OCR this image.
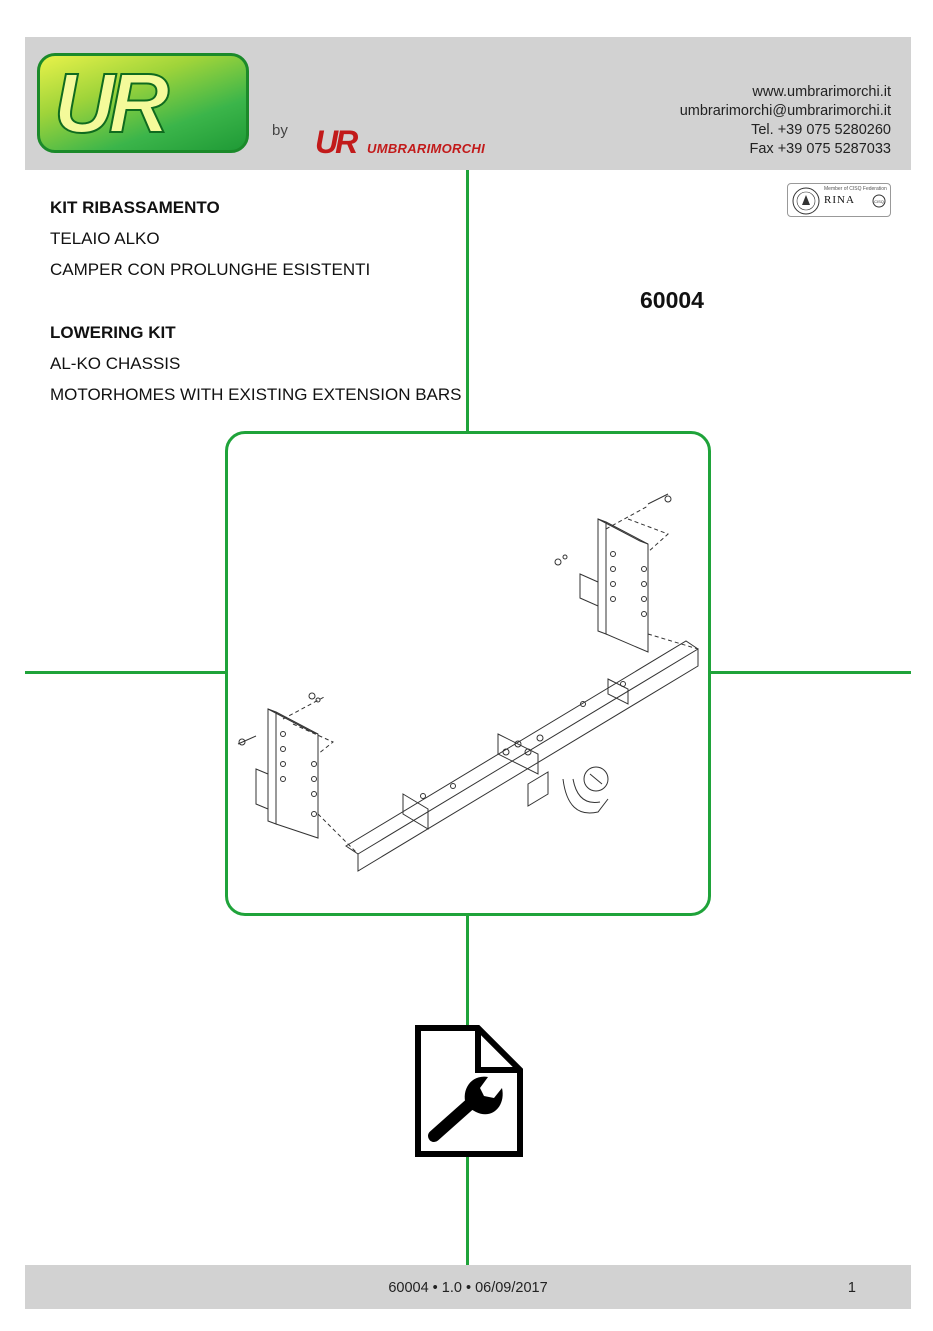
UR	by UR UMBRARIMORCHI
www.umbrarimorchi.it
umbrarimorchi@umbrarimorchi.it
Tel. +39 075 5280260
Fax +39 075 5287033
KIT RIBASSAMENTO
TELAIO ALKO
CAMPER CON PROLUNGHE ESISTENTI
LOWERING KIT
AL-KO CHASSIS
MOTORHOMES WITH EXISTING EXTENSION BARS
Member of CISQ Federation
RINA	CISQ
60004
60004 • 1.0 • 06/09/2017	1
